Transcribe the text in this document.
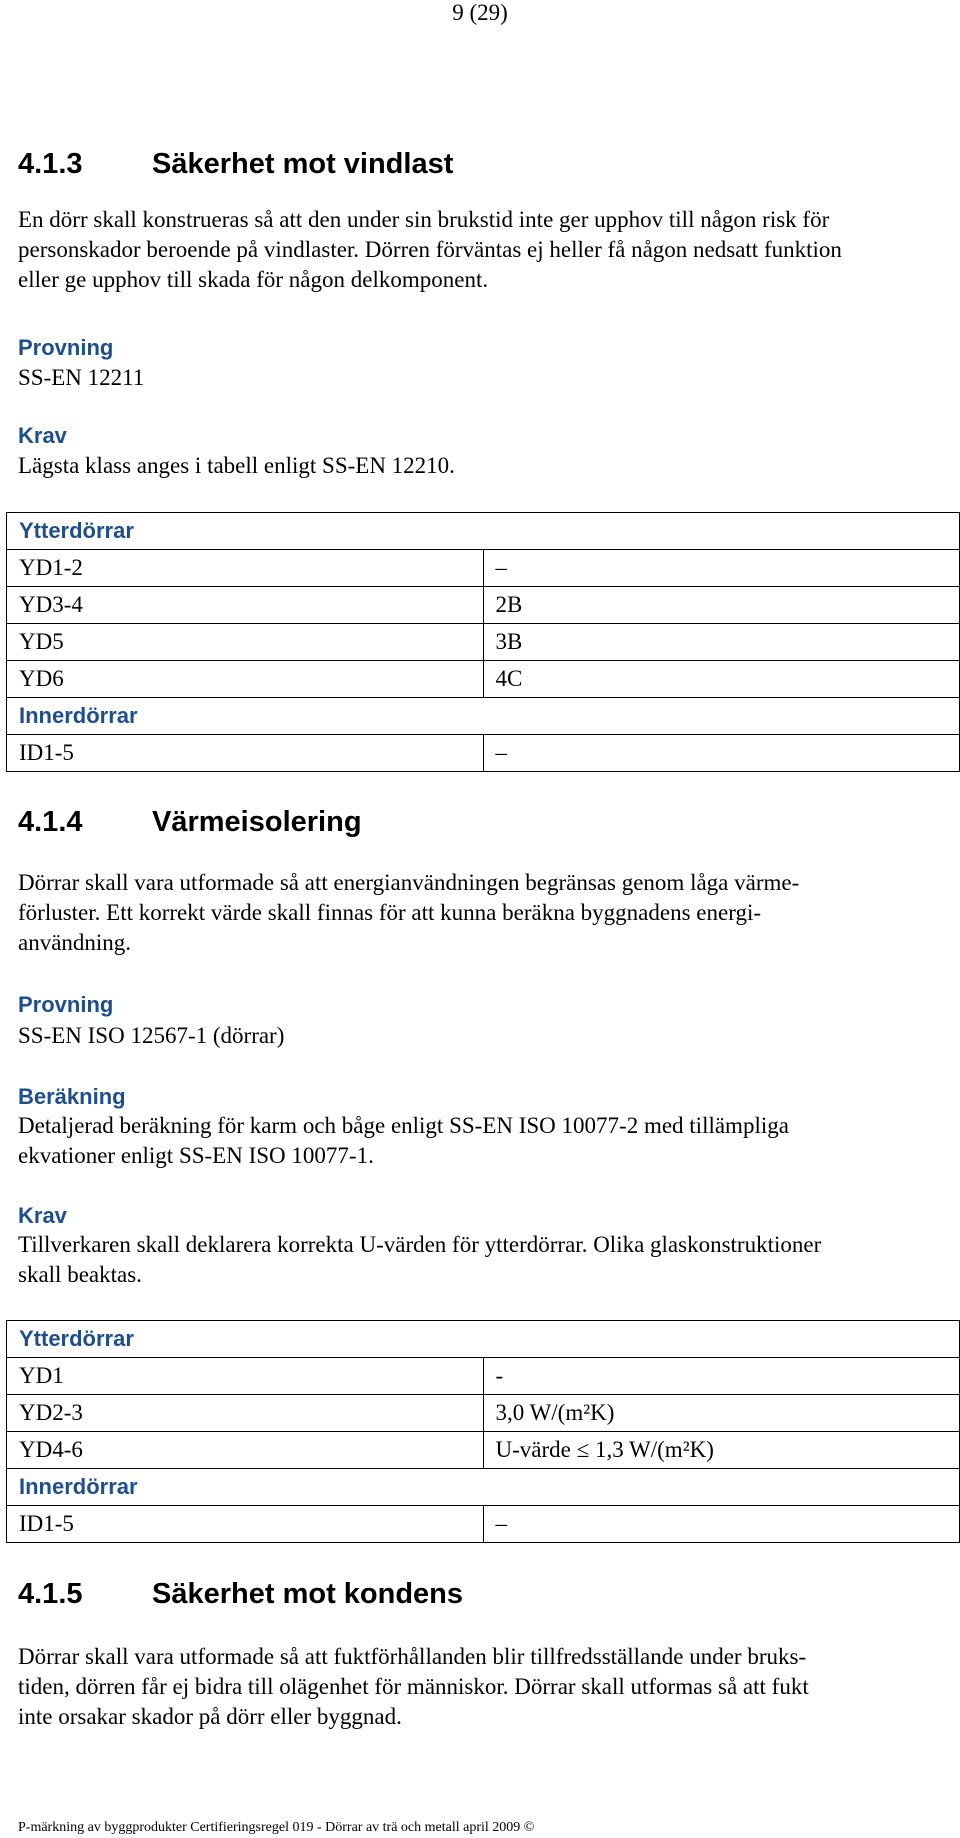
9 (29)
4.1.3 Säkerhet mot vindlast
En dörr skall konstrueras så att den under sin brukstid inte ger upphov till någon risk för
personskador beroende på vindlaster. Dörren förväntas ej heller få någon nedsatt funktion
eller ge upphov till skada för någon delkomponent.
Provning
SS-EN 12211
Krav
Lägsta klass anges i tabell enligt SS-EN 12210.
Ytterdörrar	
YD1-2	–
YD3-4	2B
YD5	3B
YD6	4C
Innerdörrar	
ID1-5	–
4.1.4 Värmeisolering
Dörrar skall vara utformade så att energianvändningen begränsas genom låga värme-
förluster. Ett korrekt värde skall finnas för att kunna beräkna byggnadens energi-
användning.
Provning
SS-EN ISO 12567-1 (dörrar)
Beräkning
Detaljerad beräkning för karm och båge enligt SS-EN ISO 10077-2 med tillämpliga
ekvationer enligt SS-EN ISO 10077-1.
Krav
Tillverkaren skall deklarera korrekta U-värden för ytterdörrar. Olika glaskonstruktioner
skall beaktas.
Ytterdörrar	
YD1	-
YD2-3	3,0 W/(m²K)
YD4-6	U-värde ≤ 1,3 W/(m²K)
Innerdörrar	
ID1-5	–
4.1.5 Säkerhet mot kondens
Dörrar skall vara utformade så att fuktförhållanden blir tillfredsställande under bruks-
tiden, dörren får ej bidra till olägenhet för människor. Dörrar skall utformas så att fukt
inte orsakar skador på dörr eller byggnad.
P-märkning av byggprodukter Certifieringsregel 019 - Dörrar av trä och metall april 2009 ©
